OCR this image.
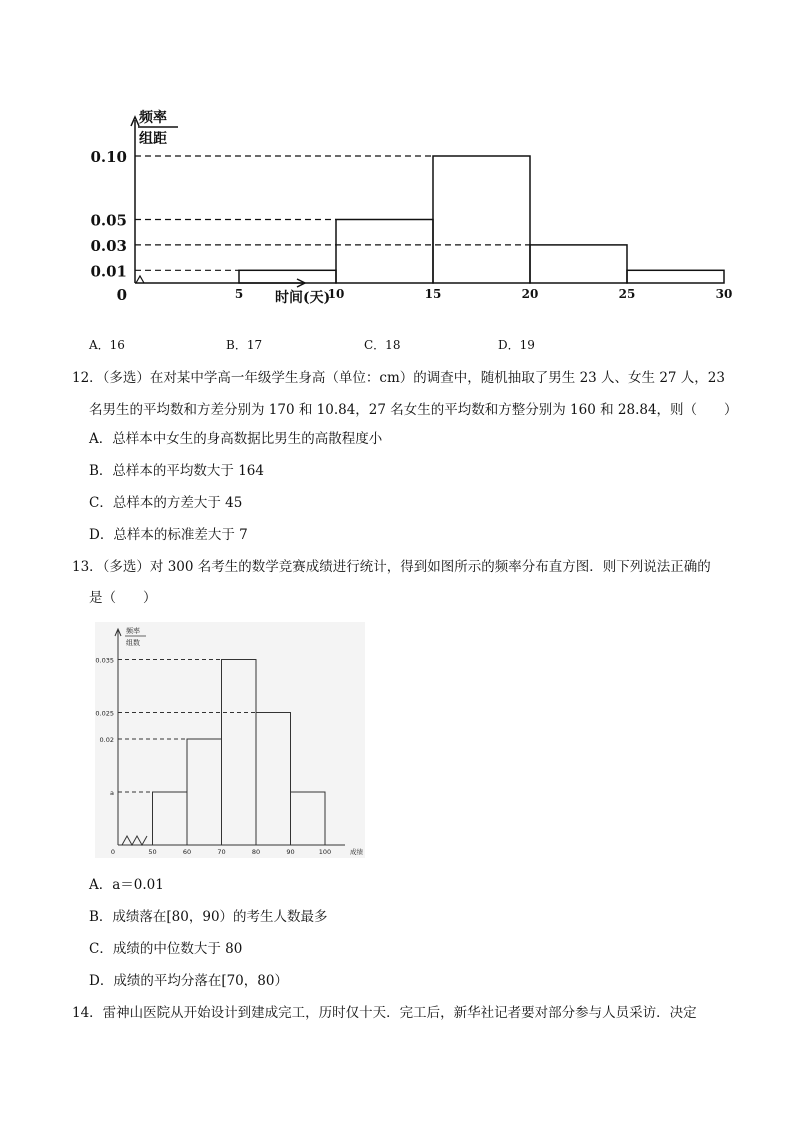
频率
组距
0.10
0.05
0.03
0.01
5	10	15	20	25	30
0	时间(天)
A．16	B．17	C．18	D．19
12．（多选）在对某中学高一年级学生身高（单位：cm）的调查中，随机抽取了男生 23 人、女生 27 人，23
名男生的平均数和方差分别为 170 和 10.84，27 名女生的平均数和方整分别为 160 和 28.84，则（　　）
A．总样本中女生的身高数据比男生的高散程度小
B．总样本的平均数大于 164
C．总样本的方差大于 45
D．总样本的标准差大于 7
13．（多选）对 300 名考生的数学竞赛成绩进行统计，得到如图所示的频率分布直方图．则下列说法正确的
是（　　）
频率
组数
0.035
0.025
0.02
a
50	60	70	80	90	100
0	成绩
A．a＝0.01
B．成绩落在[80，90）的考生人数最多
C．成绩的中位数大于 80
D．成绩的平均分落在[70，80）
14．雷神山医院从开始设计到建成完工，历时仅十天．完工后，新华社记者要对部分参与人员采访．决定
